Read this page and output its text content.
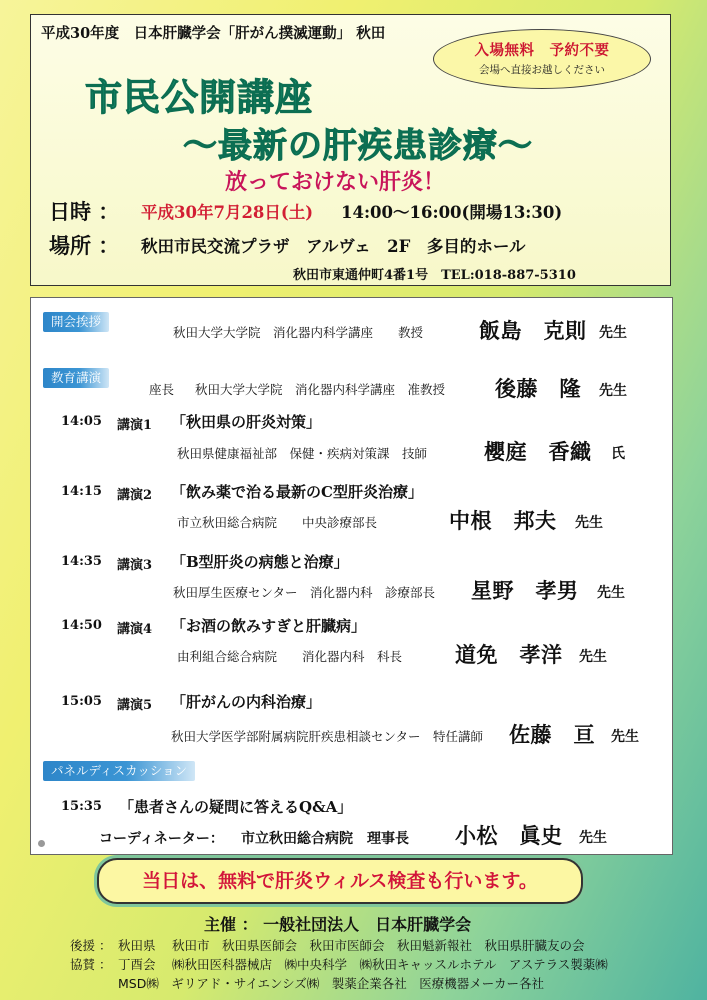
平成30年度　日本肝臓学会「肝がん撲滅運動」 秋田
入場無料　予約不要
会場へ直接お越しください
市民公開講座
～最新の肝疾患診療～
放っておけない肝炎！
日時 ： 平成30年7月28日(土) 14:00～16:00(開場13:30)
場所 ： 秋田市民交流プラザ　アルヴェ　2F　多目的ホール
秋田市東通仲町4番1号　TEL:018-887-5310
開会挨拶
秋田大学大学院　消化器内科学講座　　教授	飯島　克則 先生
教育講演
座長 秋田大学大学院　消化器内科学講座　准教授 後藤　隆 先生
14:05 講演1 「秋田県の肝炎対策」
秋田県健康福祉部　保健・疾病対策課　技師	櫻庭　香織 氏
14:15 講演2 「飲み薬で治る最新のC型肝炎治療」
市立秋田総合病院　　中央診療部長	中根　邦夫 先生
14:35 講演3 「B型肝炎の病態と治療」
秋田厚生医療センター　消化器内科　診療部長 星野　孝男 先生
14:50 講演4 「お酒の飲みすぎと肝臓病」
由利組合総合病院　　消化器内科　科長	道免　孝洋 先生
15:05 講演5 「肝がんの内科治療」
秋田大学医学部附属病院肝疾患相談センター　特任講師 佐藤　亘 先生
パネルディスカッション
15:35 「患者さんの疑問に答えるQ&A」
コーディネーター： 市立秋田総合病院　理事長 小松　眞史 先生
当日は、無料で肝炎ウィルス検査も行います。
主催 ： 一般社団法人　日本肝臓学会
後援 ： 秋田県　 秋田市　秋田県医師会　秋田市医師会　秋田魁新報社　秋田県肝臓友の会
協賛 ： 丁酉会　 ㈱秋田医科器械店　㈱中央科学　㈱秋田キャッスルホテル　アステラス製薬㈱
MSD㈱　ギリアド・サイエンシズ㈱　製薬企業各社　医療機器メーカー各社
